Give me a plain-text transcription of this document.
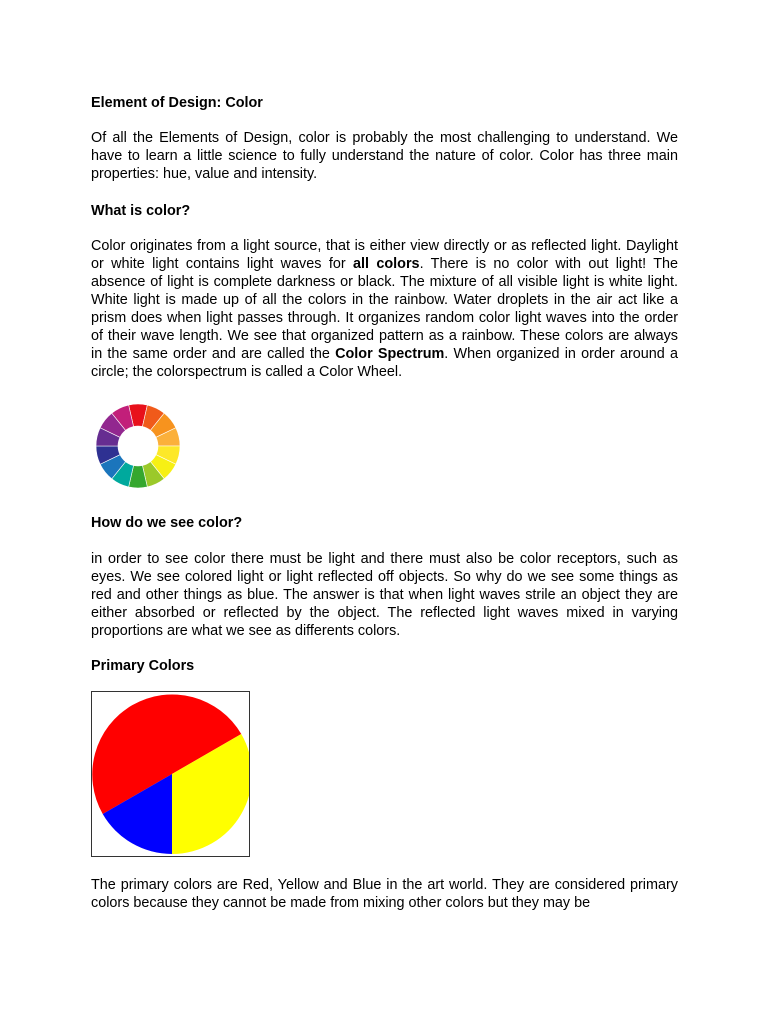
Element of Design: Color

Of all the Elements of Design, color is probably the most challenging to understand. We have to learn a little science to fully understand the nature of color. Color has three main properties: hue, value and intensity.

What is color?

Color originates from a light source, that is either view directly or as reflected light. Daylight or white light contains light waves for all colors. There is no color with out light! The absence of light is complete darkness or black. The mixture of all visible light is white light. White light is made up of all the colors in the rainbow. Water droplets in the air act like a prism does when light passes through. It organizes random color light waves into the order of their wave length. We see that organized pattern as a rainbow. These colors are always in the same order and are called the Color Spectrum. When organized in order around a circle; the colorspectrum is called a Color Wheel.

How do we see color?

in order to see color there must be light and there must also be color receptors, such as eyes. We see colored light or light reflected off objects. So why do we see some things as red and other things as blue. The answer is that when light waves strile an object they are either absorbed or reflected by the object. The reflected light waves mixed in varying proportions are what we see as differents colors.

Primary Colors

The primary colors are Red, Yellow and Blue in the art world. They are considered primary colors because they cannot be made from mixing other colors but they may be
